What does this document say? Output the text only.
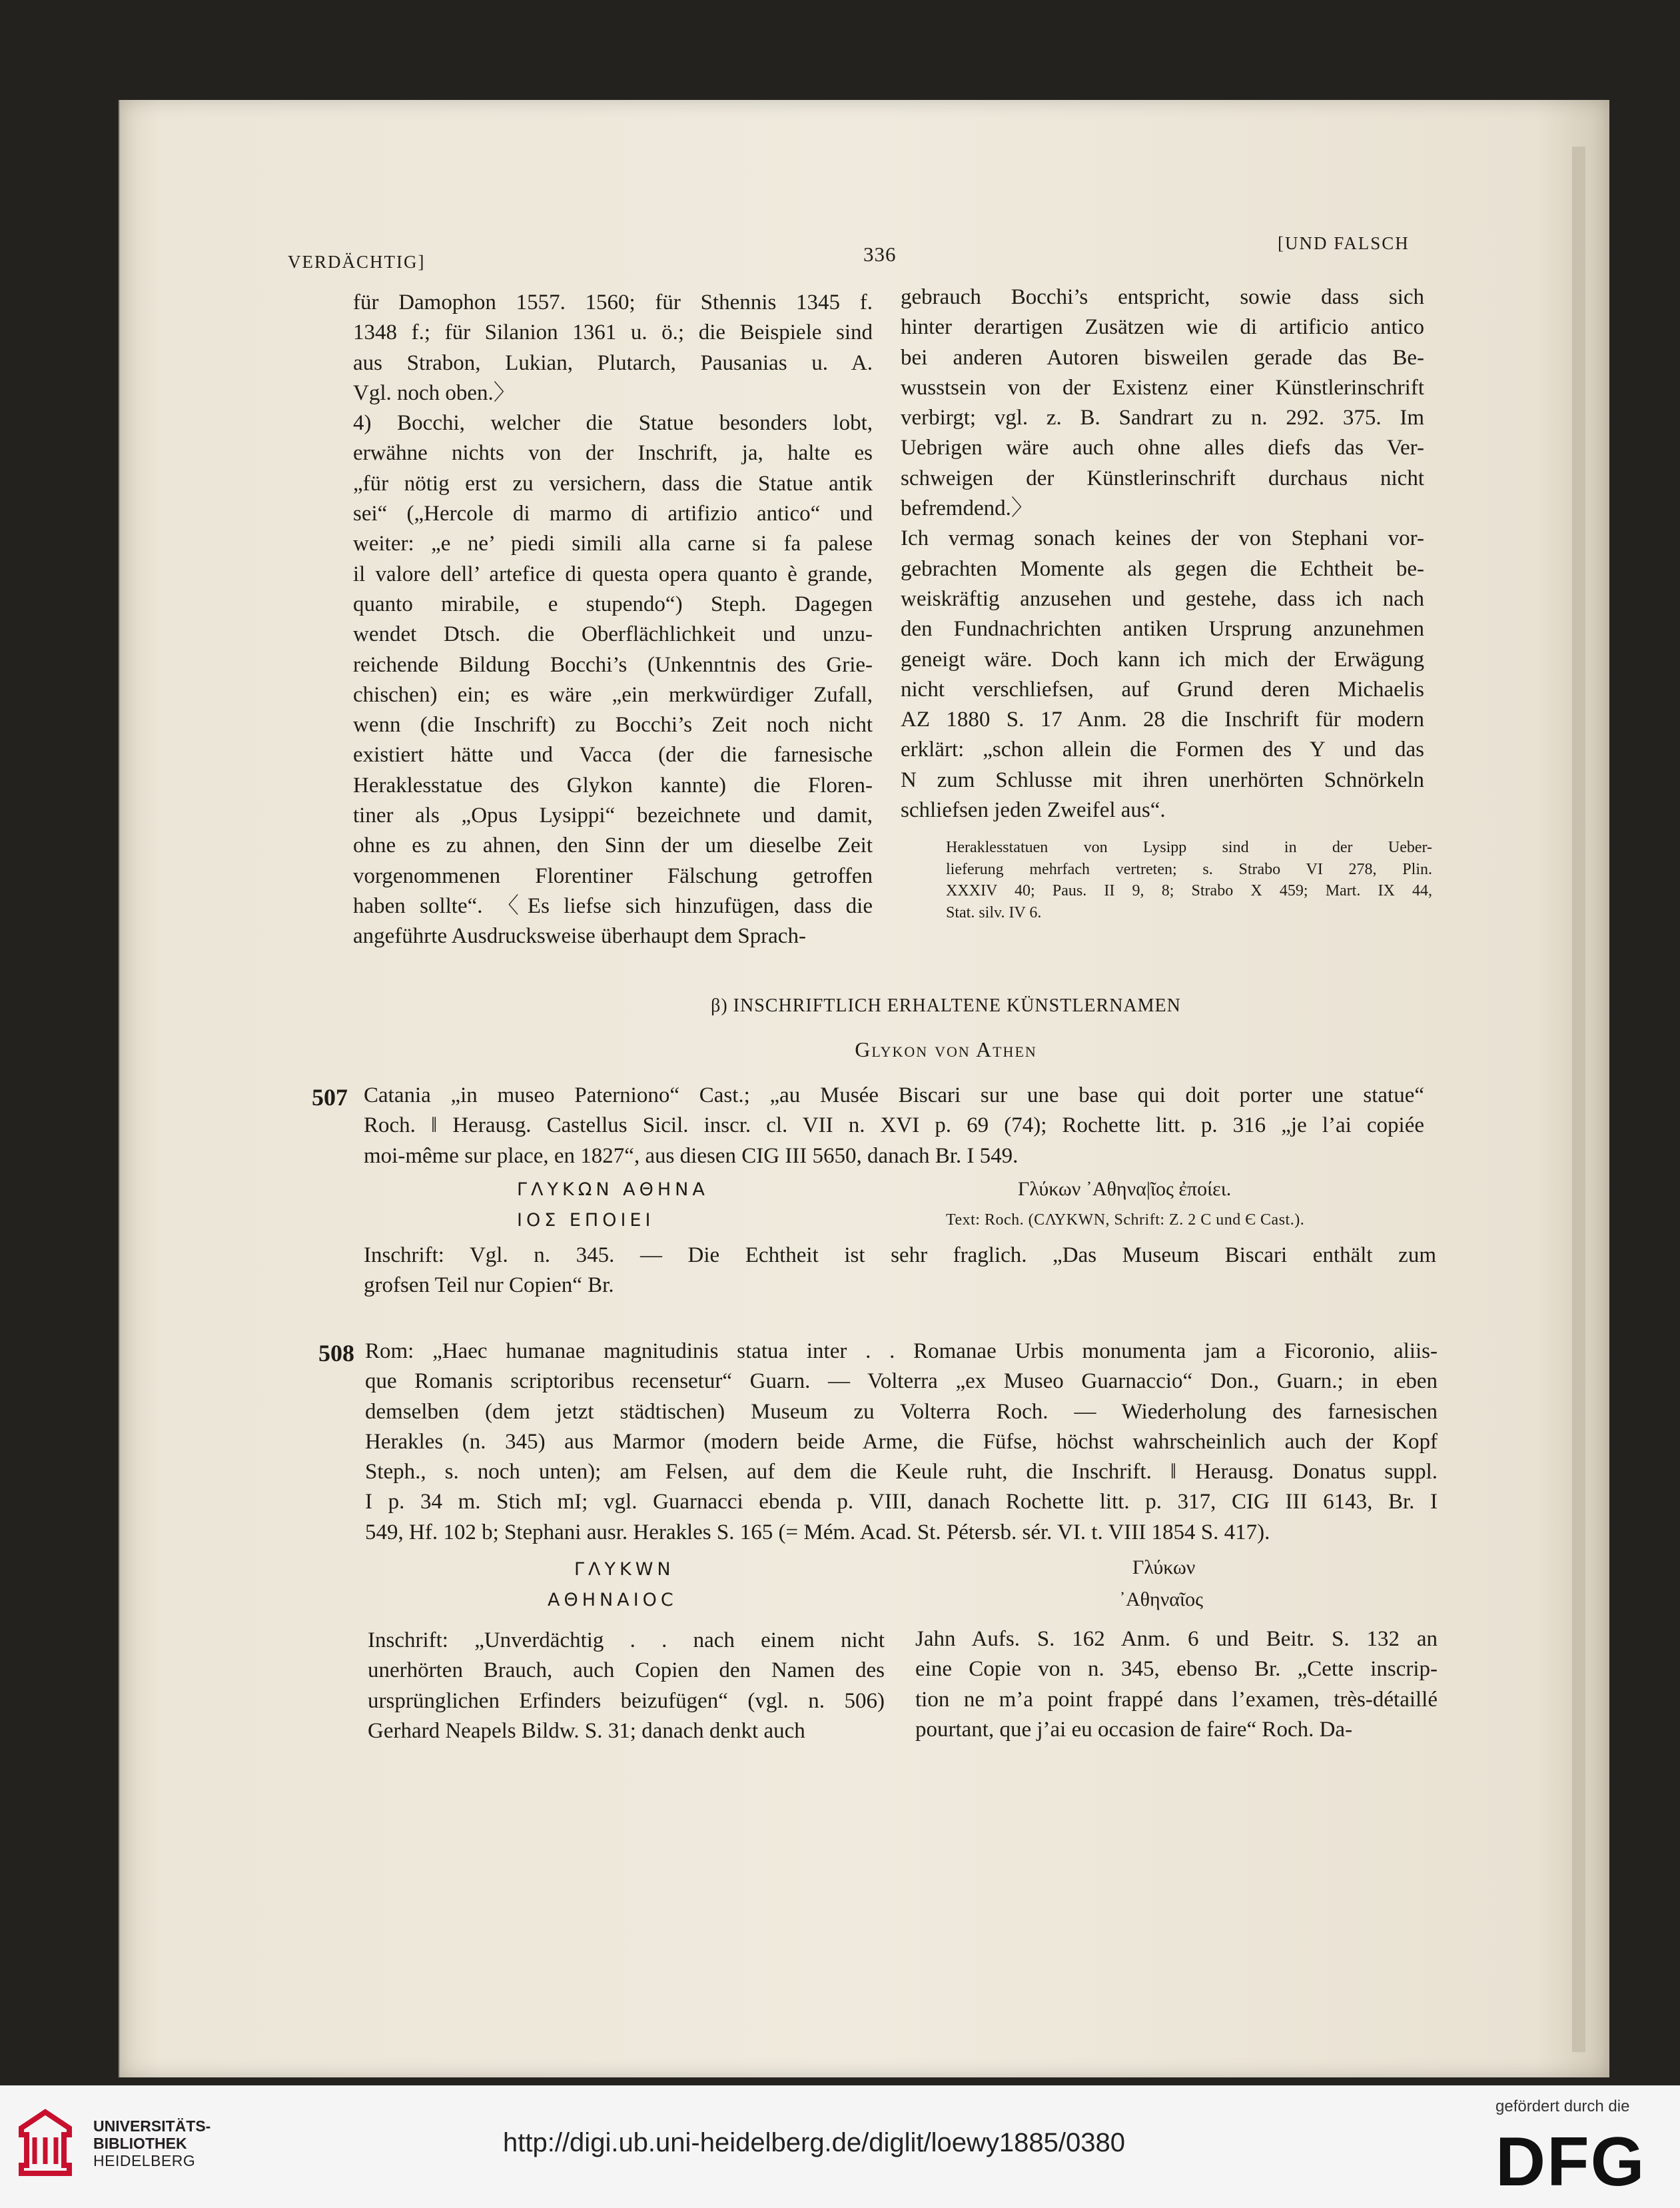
VERDÄCHTIG]	336	[UND FALSCH
für Damophon 1557. 1560; für Sthennis 1345 f.
1348 f.; für Silanion 1361 u. ö.; die Beispiele sind
aus Strabon, Lukian, Plutarch, Pausanias u. A.
Vgl. noch oben.〉
4) Bocchi, welcher die Statue besonders lobt,
erwähne nichts von der Inschrift, ja, halte es
„für nötig erst zu versichern, dass die Statue antik
sei“ („Hercole di marmo di artifizio antico“ und
weiter: „e ne’ piedi simili alla carne si fa palese
il valore dell’ artefice di questa opera quanto è grande,
quanto mirabile, e stupendo“) Steph. Dagegen
wendet Dtsch. die Oberflächlichkeit und unzu-
reichende Bildung Bocchi’s (Unkenntnis des Grie-
chischen) ein; es wäre „ein merkwürdiger Zufall,
wenn (die Inschrift) zu Bocchi’s Zeit noch nicht
existiert hätte und Vacca (der die farnesische
Heraklesstatue des Glykon kannte) die Floren-
tiner als „Opus Lysippi“ bezeichnete und damit,
ohne es zu ahnen, den Sinn der um dieselbe Zeit
vorgenommenen Florentiner Fälschung getroffen
haben sollte“. 〈Es liefse sich hinzufügen, dass die
angeführte Ausdrucksweise überhaupt dem Sprach-
gebrauch Bocchi’s entspricht, sowie dass sich
hinter derartigen Zusätzen wie di artificio antico
bei anderen Autoren bisweilen gerade das Be-
wusstsein von der Existenz einer Künstlerinschrift
verbirgt; vgl. z. B. Sandrart zu n. 292. 375. Im
Uebrigen wäre auch ohne alles diefs das Ver-
schweigen der Künstlerinschrift durchaus nicht
befremdend.〉
Ich vermag sonach keines der von Stephani vor-
gebrachten Momente als gegen die Echtheit be-
weiskräftig anzusehen und gestehe, dass ich nach
den Fundnachrichten antiken Ursprung anzunehmen
geneigt wäre. Doch kann ich mich der Erwägung
nicht verschliefsen, auf Grund deren Michaelis
AZ 1880 S. 17 Anm. 28 die Inschrift für modern
erklärt: „schon allein die Formen des Y und das
N zum Schlusse mit ihren unerhörten Schnörkeln
schliefsen jeden Zweifel aus“.
Heraklesstatuen von Lysipp sind in der Ueber-
lieferung mehrfach vertreten; s. Strabo VI 278, Plin.
XXXIV 40; Paus. II 9, 8; Strabo X 459; Mart. IX 44,
Stat. silv. IV 6.
β) INSCHRIFTLICH ERHALTENE KÜNSTLERNAMEN
Glykon von Athen
507 Catania „in museo Paterniono“ Cast.; „au Musée Biscari sur une base qui doit porter une statue“
Roch. ‖ Herausg. Castellus Sicil. inscr. cl. VII n. XVI p. 69 (74); Rochette litt. p. 316 „je l’ai copiée
moi-même sur place, en 1827“, aus diesen CIG III 5650, danach Br. I 549.
ΓΛΥΚΩΝ ΑΘΗΝΑ
ΙΟΣ ΕΠΟΙΕΙ
Γλύκων ᾿Αθηνα|ῖος ἐποίει.
Text: Roch. (CΛΥΚWN, Schrift: Z. 2 C und Є Cast.).
Inschrift: Vgl. n. 345. — Die Echtheit ist sehr fraglich. „Das Museum Biscari enthält zum
grofsen Teil nur Copien“ Br.
508 Rom: „Haec humanae magnitudinis statua inter . . Romanae Urbis monumenta jam a Ficoronio, aliis-
que Romanis scriptoribus recensetur“ Guarn. — Volterra „ex Museo Guarnaccio“ Don., Guarn.; in eben
demselben (dem jetzt städtischen) Museum zu Volterra Roch. — Wiederholung des farnesischen
Herakles (n. 345) aus Marmor (modern beide Arme, die Füfse, höchst wahrscheinlich auch der Kopf
Steph., s. noch unten); am Felsen, auf dem die Keule ruht, die Inschrift. ‖ Herausg. Donatus suppl.
I p. 34 m. Stich mI; vgl. Guarnacci ebenda p. VIII, danach Rochette litt. p. 317, CIG III 6143, Br. I
549, Hf. 102 b; Stephani ausr. Herakles S. 165 (= Mém. Acad. St. Pétersb. sér. VI. t. VIII 1854 S. 417).
ΓΛΥΚWΝ
ΑΘΗΝΑΙΟC
Γλύκων
᾿Αθηναῖος
Inschrift: „Unverdächtig . . nach einem nicht
unerhörten Brauch, auch Copien den Namen des
ursprünglichen Erfinders beizufügen“ (vgl. n. 506)
Gerhard Neapels Bildw. S. 31; danach denkt auch
Jahn Aufs. S. 162 Anm. 6 und Beitr. S. 132 an
eine Copie von n. 345, ebenso Br. „Cette inscrip-
tion ne m’a point frappé dans l’examen, très-détaillé
pourtant, que j’ai eu occasion de faire“ Roch. Da-
UNIVERSITÄTS-
BIBLIOTHEK
HEIDELBERG
http://digi.ub.uni-heidelberg.de/diglit/loewy1885/0380
gefördert durch die
DFG
